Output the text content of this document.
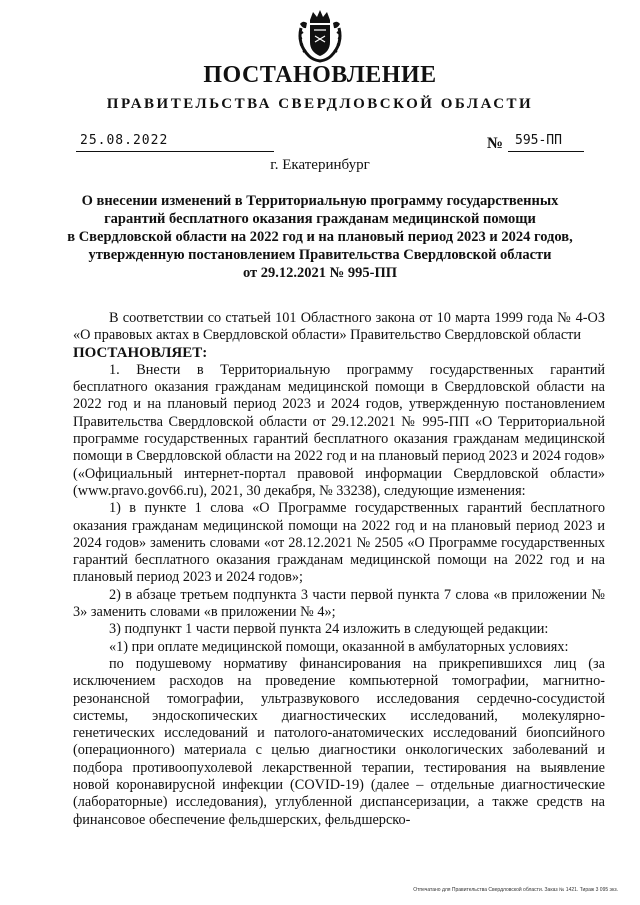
ПОСТАНОВЛЕНИЕ
ПРАВИТЕЛЬСТВА СВЕРДЛОВСКОЙ ОБЛАСТИ
25.08.2022	№ 595-ПП
г. Екатеринбург
О внесении изменений в Территориальную программу государственных
гарантий бесплатного оказания гражданам медицинской помощи
в Свердловской области на 2022 год и на плановый период 2023 и 2024 годов,
утвержденную постановлением Правительства Свердловской области
от 29.12.2021 № 995-ПП

В соответствии со статьей 101 Областного закона от 10 марта 1999 года № 4-ОЗ «О правовых актах в Свердловской области» Правительство Свердловской области

ПОСТАНОВЛЯЕТ:

1. Внести в Территориальную программу государственных гарантий бесплатного оказания гражданам медицинской помощи в Свердловской области на 2022 год и на плановый период 2023 и 2024 годов, утвержденную постановлением Правительства Свердловской области от 29.12.2021 № 995-ПП «О Территориальной программе государственных гарантий бесплатного оказания гражданам медицинской помощи в Свердловской области на 2022 год и на плановый период 2023 и 2024 годов» («Официальный интернет-портал правовой информации Свердловской области» (www.pravo.gov66.ru), 2021, 30 декабря, № 33238), следующие изменения:

1) в пункте 1 слова «О Программе государственных гарантий бесплатного оказания гражданам медицинской помощи на 2022 год и на плановый период 2023 и 2024 годов» заменить словами «от 28.12.2021 № 2505 «О Программе государственных гарантий бесплатного оказания гражданам медицинской помощи на 2022 год и на плановый период 2023 и 2024 годов»;

2) в абзаце третьем подпункта 3 части первой пункта 7 слова «в приложении № 3» заменить словами «в приложении № 4»;

3) подпункт 1 части первой пункта 24 изложить в следующей редакции:

«1) при оплате медицинской помощи, оказанной в амбулаторных условиях:

по подушевому нормативу финансирования на прикрепившихся лиц (за исключением расходов на проведение компьютерной томографии, магнитно-резонансной томографии, ультразвукового исследования сердечно-сосудистой системы, эндоскопических диагностических исследований, молекулярно-генетических исследований и патолого-анатомических исследований биопсийного (операционного) материала с целью диагностики онкологических заболеваний и подбора противоопухолевой лекарственной терапии, тестирования на выявление новой коронавирусной инфекции (COVID-19) (далее – отдельные диагностические (лабораторные) исследования), углубленной диспансеризации, а также средств на финансовое обеспечение фельдшерских, фельдшерско-

Отпечатано для Правительства Свердловской области. Заказ № 1421. Тираж 3 095 экз.
